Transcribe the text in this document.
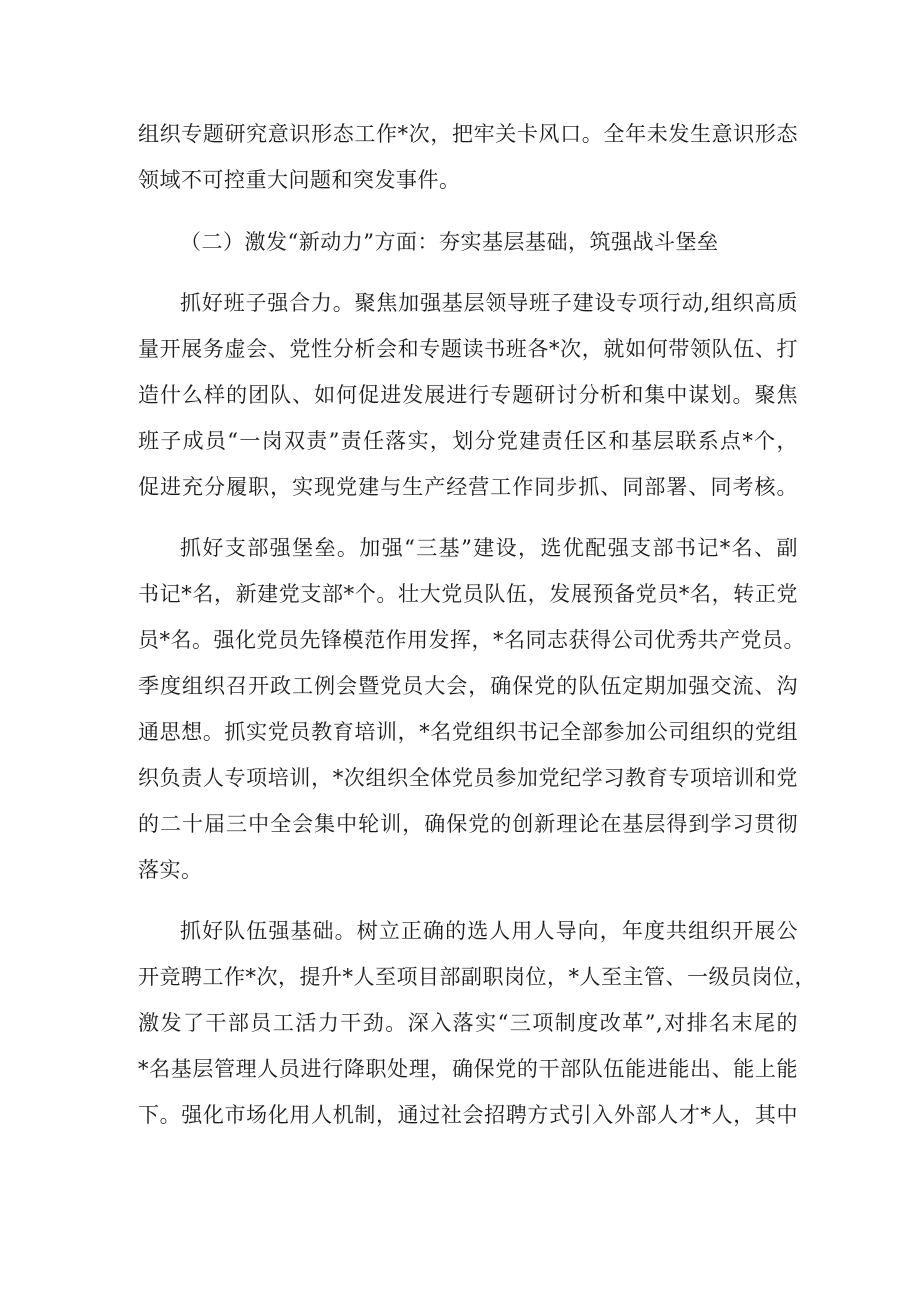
组织专题研究意识形态工作*次，把牢关卡风口。全年未发生意识形态

领域不可控重大问题和突发事件。

（二）激发“新动力”方面：夯实基层基础，筑强战斗堡垒

抓好班子强合力。聚焦加强基层领导班子建设专项行动,组织高质

量开展务虚会、党性分析会和专题读书班各*次，就如何带领队伍、打

造什么样的团队、如何促进发展进行专题研讨分析和集中谋划。聚焦

班子成员“一岗双责”责任落实，划分党建责任区和基层联系点*个，

促进充分履职，实现党建与生产经营工作同步抓、同部署、同考核。

抓好支部强堡垒。加强“三基”建设，选优配强支部书记*名、副

书记*名，新建党支部*个。壮大党员队伍，发展预备党员*名，转正党

员*名。强化党员先锋模范作用发挥，*名同志获得公司优秀共产党员。

季度组织召开政工例会暨党员大会，确保党的队伍定期加强交流、沟

通思想。抓实党员教育培训，*名党组织书记全部参加公司组织的党组

织负责人专项培训，*次组织全体党员参加党纪学习教育专项培训和党

的二十届三中全会集中轮训，确保党的创新理论在基层得到学习贯彻

落实。

抓好队伍强基础。树立正确的选人用人导向，年度共组织开展公

开竞聘工作*次，提升*人至项目部副职岗位，*人至主管、一级员岗位，

激发了干部员工活力干劲。深入落实“三项制度改革”,对排名末尾的

*名基层管理人员进行降职处理，确保党的干部队伍能进能出、能上能

下。强化市场化用人机制，通过社会招聘方式引入外部人才*人，其中
